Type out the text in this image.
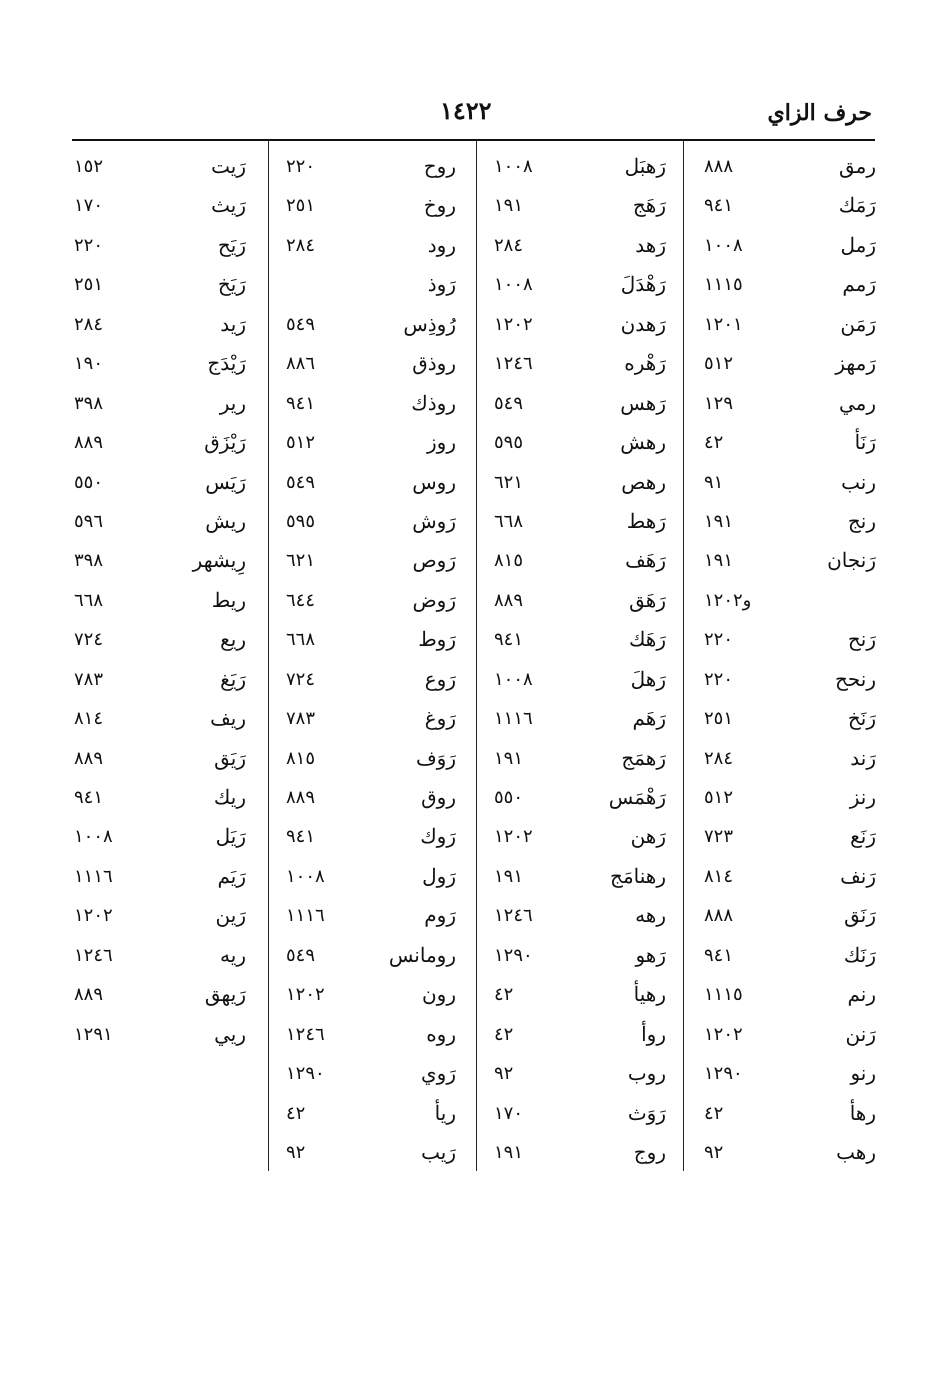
حرف الزاي
١٤٢٢
رمق
٨٨٨
رَمَك
٩٤١
رَمل
١٠٠٨
رَمم
١١١٥
رَمَن
١٢٠١
رَمهز
٥١٢
رمي
١٢٩
رَنَأ
٤٢
رنب
٩١
رنج
١٩١
رَنجان
١٩١
و١٢٠٢
رَنح
٢٢٠
رنحح
٢٢٠
رَنَخ
٢٥١
رَند
٢٨٤
رنز
٥١٢
رَنَع
٧٢٣
رَنف
٨١٤
رَنَق
٨٨٨
رَنَك
٩٤١
رنم
١١١٥
رَنن
١٢٠٢
رنو
١٢٩٠
رهأ
٤٢
رهب
٩٢
رَهبَل
١٠٠٨
رَهَج
١٩١
رَهد
٢٨٤
رَهْدَلَ
١٠٠٨
رَهدن
١٢٠٢
رَهْره
١٢٤٦
رَهس
٥٤٩
رهش
٥٩٥
رهص
٦٢١
رَهط
٦٦٨
رَهَف
٨١٥
رَهَق
٨٨٩
رَهَك
٩٤١
رَهلَ
١٠٠٨
رَهَم
١١١٦
رَهمَج
١٩١
رَهْمَس
٥٥٠
رَهن
١٢٠٢
رهنامَج
١٩١
رهه
١٢٤٦
رَهو
١٢٩٠
رهيأ
٤٢
روأ
٤٢
روب
٩٢
رَوَث
١٧٠
روج
١٩١
روح
٢٢٠
روخ
٢٥١
رود
٢٨٤
رَوذ
رُوذِس
٥٤٩
روذق
٨٨٦
روذك
٩٤١
روز
٥١٢
روس
٥٤٩
رَوش
٥٩٥
رَوص
٦٢١
رَوض
٦٤٤
رَوط
٦٦٨
رَوع
٧٢٤
رَوغ
٧٨٣
رَوَف
٨١٥
روق
٨٨٩
رَوك
٩٤١
رَول
١٠٠٨
رَوم
١١١٦
رومانس
٥٤٩
رون
١٢٠٢
روه
١٢٤٦
رَوي
١٢٩٠
ريأ
٤٢
رَيب
٩٢
رَيت
١٥٢
رَيث
١٧٠
رَيَح
٢٢٠
رَيَخ
٢٥١
رَيد
٢٨٤
رَيْدَج
١٩٠
رير
٣٩٨
رَيْزَق
٨٨٩
رَيَس
٥٥٠
ريش
٥٩٦
رِيشهر
٣٩٨
ريط
٦٦٨
ريع
٧٢٤
رَيَغ
٧٨٣
ريف
٨١٤
رَيَق
٨٨٩
ريك
٩٤١
رَيَل
١٠٠٨
رَيَم
١١١٦
رَين
١٢٠٢
ريه
١٢٤٦
رَيهق
٨٨٩
ريي
١٢٩١
